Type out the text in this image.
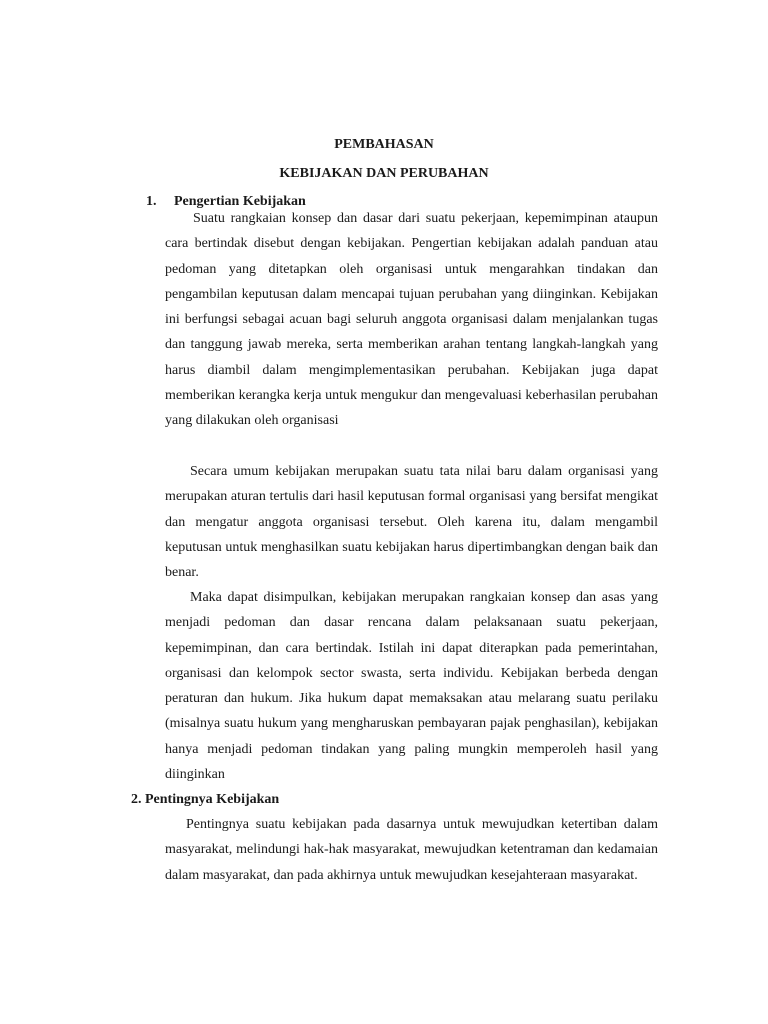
PEMBAHASAN
KEBIJAKAN DAN PERUBAHAN
1. Pengertian Kebijakan

Suatu rangkaian konsep dan dasar dari suatu pekerjaan, kepemimpinan ataupun cara bertindak disebut dengan kebijakan. Pengertian kebijakan adalah panduan atau pedoman yang ditetapkan oleh organisasi untuk mengarahkan tindakan dan pengambilan keputusan dalam mencapai tujuan perubahan yang diinginkan. Kebijakan ini berfungsi sebagai acuan bagi seluruh anggota organisasi dalam menjalankan tugas dan tanggung jawab mereka, serta memberikan arahan tentang langkah-langkah yang harus diambil dalam mengimplementasikan perubahan. Kebijakan juga dapat memberikan kerangka kerja untuk mengukur dan mengevaluasi keberhasilan perubahan yang dilakukan oleh organisasi

Secara umum kebijakan merupakan suatu tata nilai baru dalam organisasi yang merupakan aturan tertulis dari hasil keputusan formal organisasi yang bersifat mengikat dan mengatur anggota organisasi tersebut. Oleh karena itu, dalam mengambil keputusan untuk menghasilkan suatu kebijakan harus dipertimbangkan dengan baik dan benar.

Maka dapat disimpulkan, kebijakan merupakan rangkaian konsep dan asas yang menjadi pedoman dan dasar rencana dalam pelaksanaan suatu pekerjaan, kepemimpinan, dan cara bertindak. Istilah ini dapat diterapkan pada pemerintahan, organisasi dan kelompok sector swasta, serta individu. Kebijakan berbeda dengan peraturan dan hukum. Jika hukum dapat memaksakan atau melarang suatu perilaku (misalnya suatu hukum yang mengharuskan pembayaran pajak penghasilan), kebijakan hanya menjadi pedoman tindakan yang paling mungkin memperoleh hasil yang diinginkan

2. Pentingnya Kebijakan

Pentingnya suatu kebijakan pada dasarnya untuk mewujudkan ketertiban dalam masyarakat, melindungi hak-hak masyarakat, mewujudkan ketentraman dan kedamaian dalam masyarakat, dan pada akhirnya untuk mewujudkan kesejahteraan masyarakat.
